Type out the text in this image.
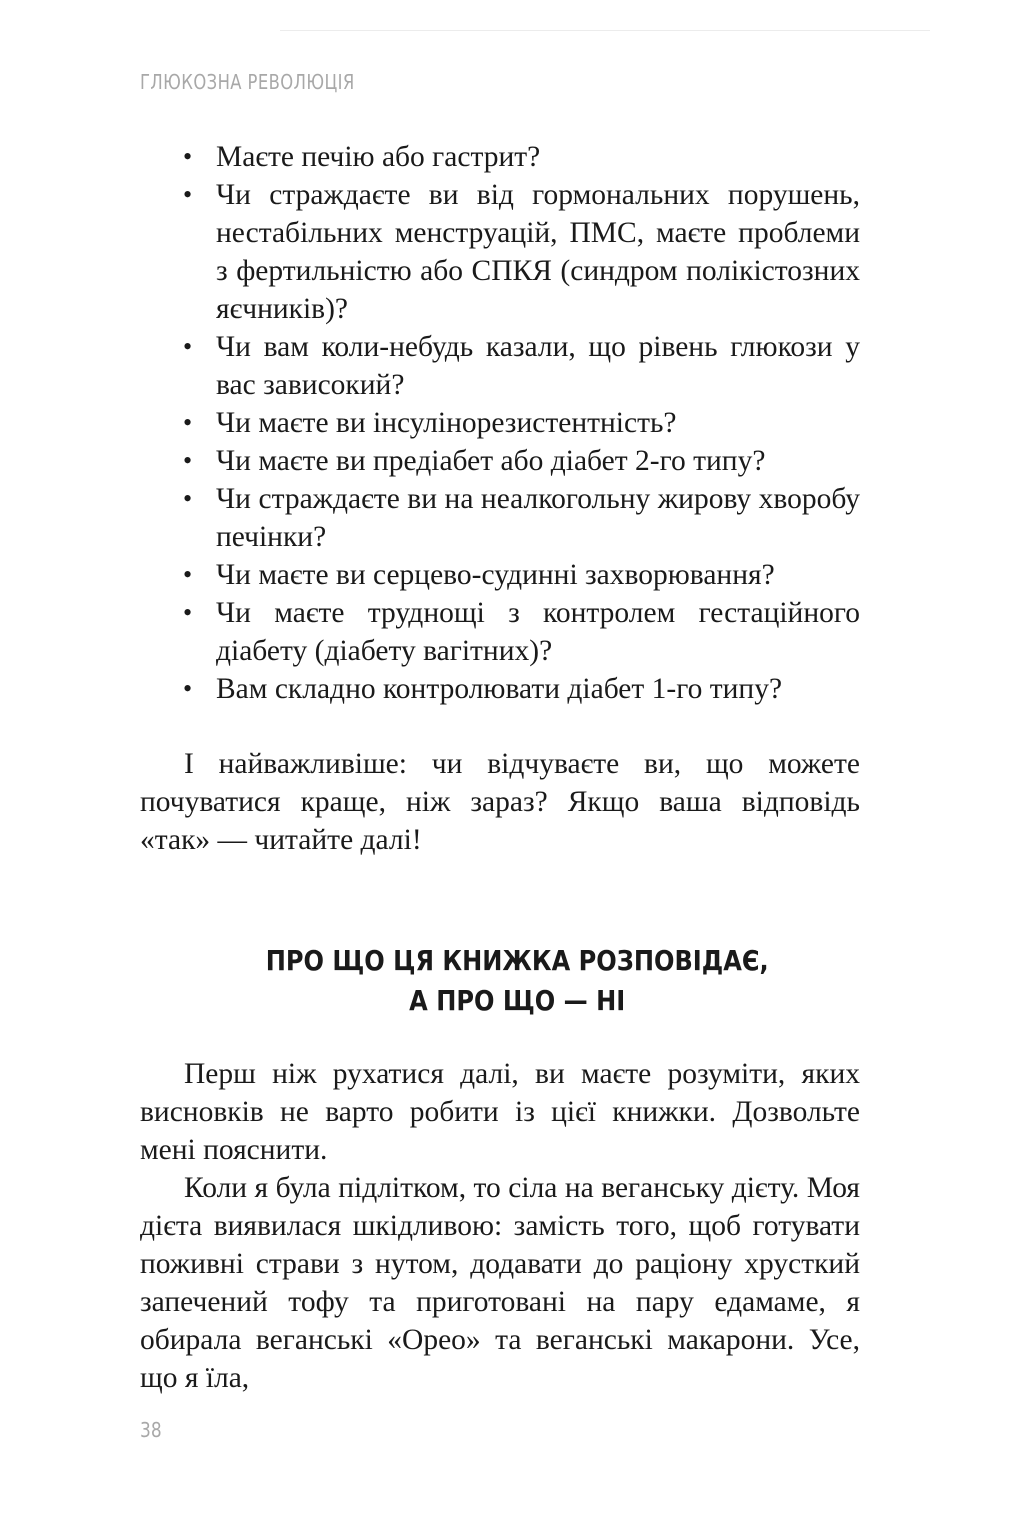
ГЛЮКОЗНА РЕВОЛЮЦІЯ
• Маєте печію або гастрит?
• Чи страждаєте ви від гормональних порушень, нестабільних менструацій, ПМС, маєте проблеми з фертильністю або СПКЯ (синдром полікістозних яєчників)?
• Чи вам коли-небудь казали, що рівень глюкози у вас зависокий?
• Чи маєте ви інсулінорезистентність?
• Чи маєте ви предіабет або діабет 2-го типу?
• Чи страждаєте ви на неалкогольну жирову хворобу печінки?
• Чи маєте ви серцево-судинні захворювання?
• Чи маєте труднощі з контролем гестаційного діабету (діабету вагітних)?
• Вам складно контролювати діабет 1-го типу?

І найважливіше: чи відчуваєте ви, що можете почуватися краще, ніж зараз? Якщо ваша відповідь «так» — читайте далі!

ПРО ЩО ЦЯ КНИЖКА РОЗПОВІДАЄ,
А ПРО ЩО — НІ

Перш ніж рухатися далі, ви маєте розуміти, яких висновків не варто робити із цієї книжки. Дозвольте мені пояснити.

Коли я була підлітком, то сіла на веганську дієту. Моя дієта виявилася шкідливою: замість того, щоб готувати поживні страви з нутом, додавати до раціону хрусткий запечений тофу та приготовані на пару едамаме, я обирала веганські «Орео» та веганські макарони. Усе, що я їла,

38
